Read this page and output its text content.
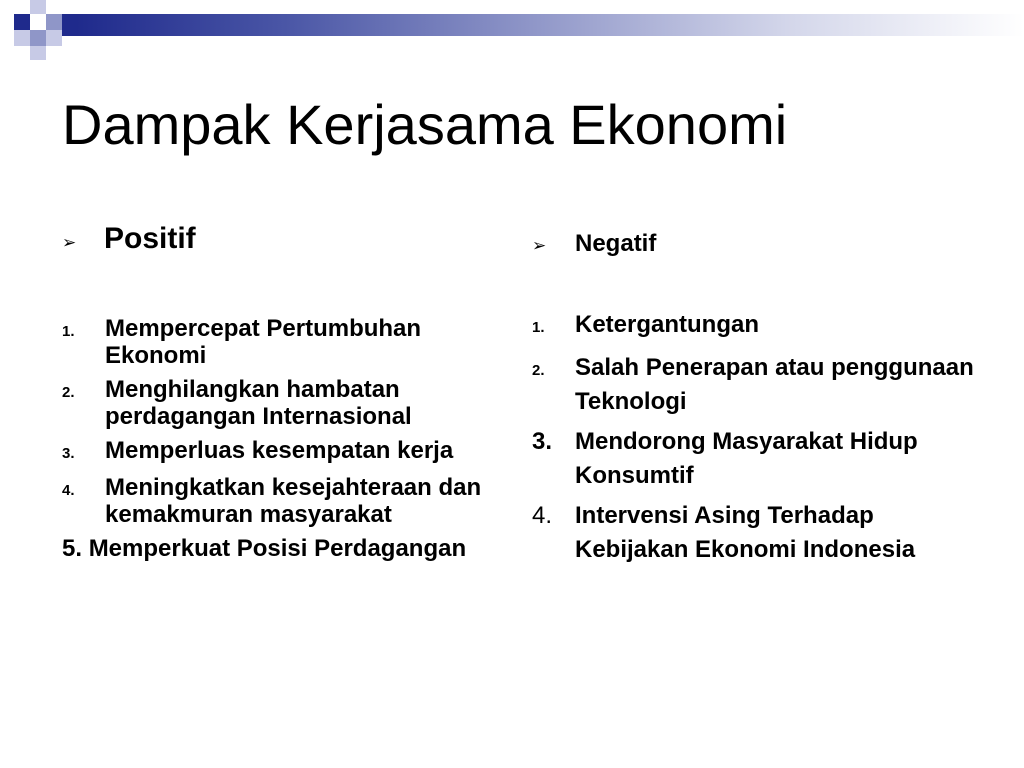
Dampak Kerjasama Ekonomi
➢ Positif
1.	Mempercepat Pertumbuhan Ekonomi
2.	Menghilangkan hambatan perdagangan Internasional
3.	Memperluas kesempatan kerja
4.	Meningkatkan kesejahteraan dan kemakmuran masyarakat
5. Memperkuat Posisi Perdagangan
➢	Negatif
1.	Ketergantungan
2.	Salah Penerapan atau penggunaan Teknologi
3. Mendorong Masyarakat Hidup Konsumtif
4. Intervensi Asing Terhadap Kebijakan Ekonomi Indonesia
